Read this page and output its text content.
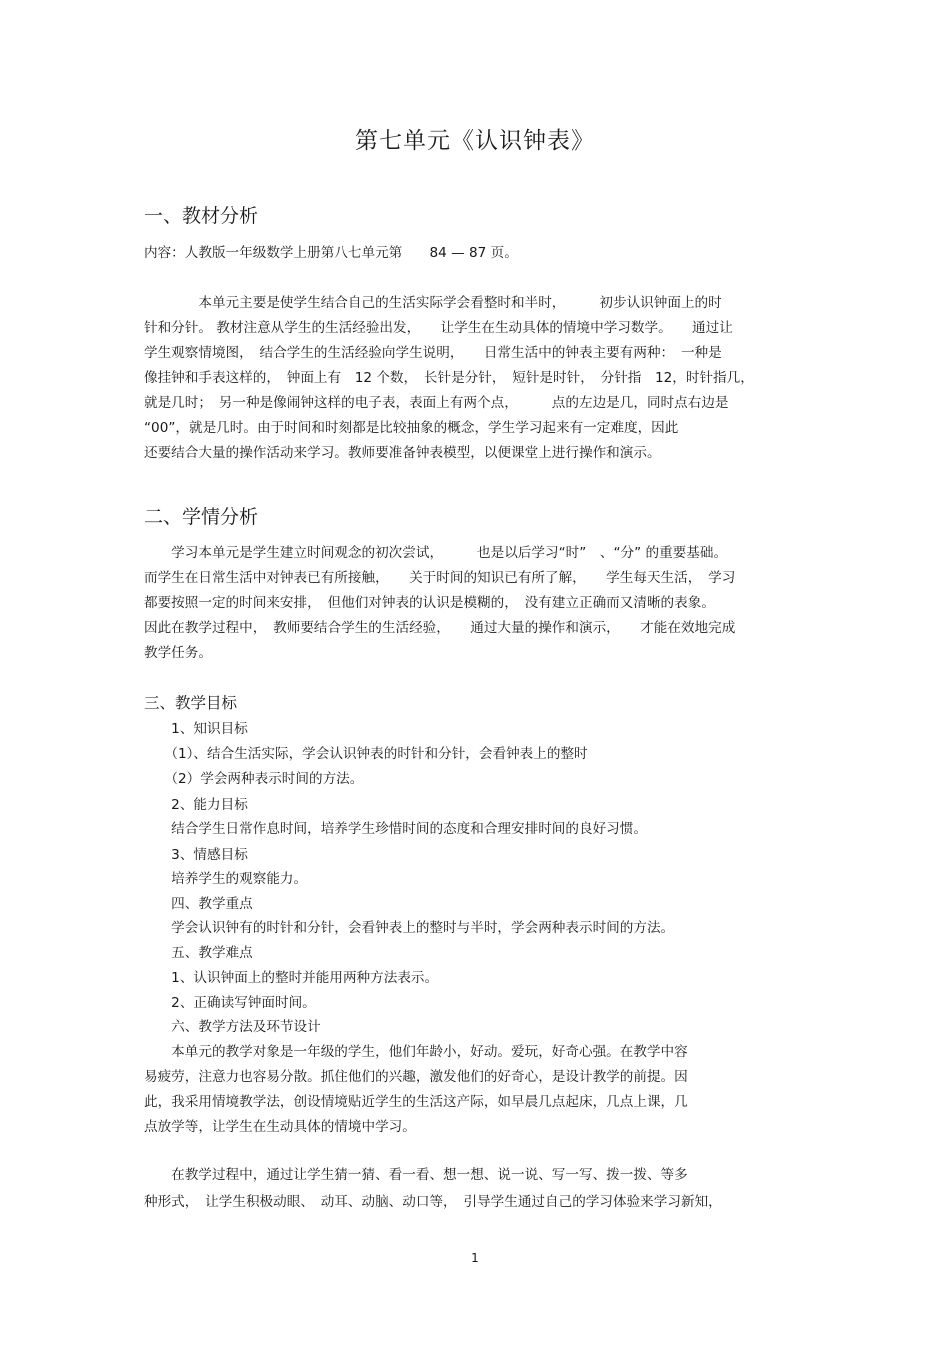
第七单元《认识钟表》
一、教材分析
内容：人教版一年级数学上册第八七单元第　　84 — 87 页。
　　　　本单元主要是使学生结合自己的生活实际学会看整时和半时，　　　初步认识钟面上的时
针和分针。 教材注意从学生的生活经验出发，　　让学生在生动具体的情境中学习数学。　　通过让
学生观察情境图，　结合学生的生活经验向学生说明，　　日常生活中的钟表主要有两种：　一种是
像挂钟和手表这样的，　钟面上有　12 个数，　长针是分针，　短针是时针，　分针指　12，时针指几，
就是几时；　另一种是像闹钟这样的电子表，表面上有两个点，　　　点的左边是几，同时点右边是
“00”，就是几时。由于时间和时刻都是比较抽象的概念，学生学习起来有一定难度，因此
还要结合大量的操作活动来学习。教师要准备钟表模型，以便课堂上进行操作和演示。
二、学情分析
　　学习本单元是学生建立时间观念的初次尝试，　　　也是以后学习“时”　、“分” 的重要基础。
而学生在日常生活中对钟表已有所接触，　　关于时间的知识已有所了解，　　学生每天生活，　学习
都要按照一定的时间来安排，　但他们对钟表的认识是模糊的，　没有建立正确而又清晰的表象。
因此在教学过程中，　教师要结合学生的生活经验，　　通过大量的操作和演示，　　才能在效地完成
教学任务。
三、教学目标
　　1、知识目标
　　（1）、结合生活实际，学会认识钟表的时针和分针，会看钟表上的整时
　　（2）学会两种表示时间的方法。
　　2、能力目标
　　结合学生日常作息时间，培养学生珍惜时间的态度和合理安排时间的良好习惯。
　　3、情感目标
　　培养学生的观察能力。
　　四、教学重点
　　学会认识钟有的时针和分针，会看钟表上的整时与半时，学会两种表示时间的方法。
　　五、教学难点
　　1、认识钟面上的整时并能用两种方法表示。
　　2、正确读写钟面时间。
　　六、教学方法及环节设计
　　本单元的教学对象是一年级的学生，他们年龄小，好动。爱玩，好奇心强。在教学中容
易疲劳，注意力也容易分散。抓住他们的兴趣，激发他们的好奇心，是设计教学的前提。因
此，我采用情境教学法，创设情境贴近学生的生活这产际，如早晨几点起床，几点上课，几
点放学等，让学生在生动具体的情境中学习。
　　在教学过程中，通过让学生猜一猜、看一看、想一想、说一说、写一写、拨一拨、等多
种形式，　让学生积极动眼、　动耳、动脑、动口等，　引导学生通过自己的学习体验来学习新知，
1
